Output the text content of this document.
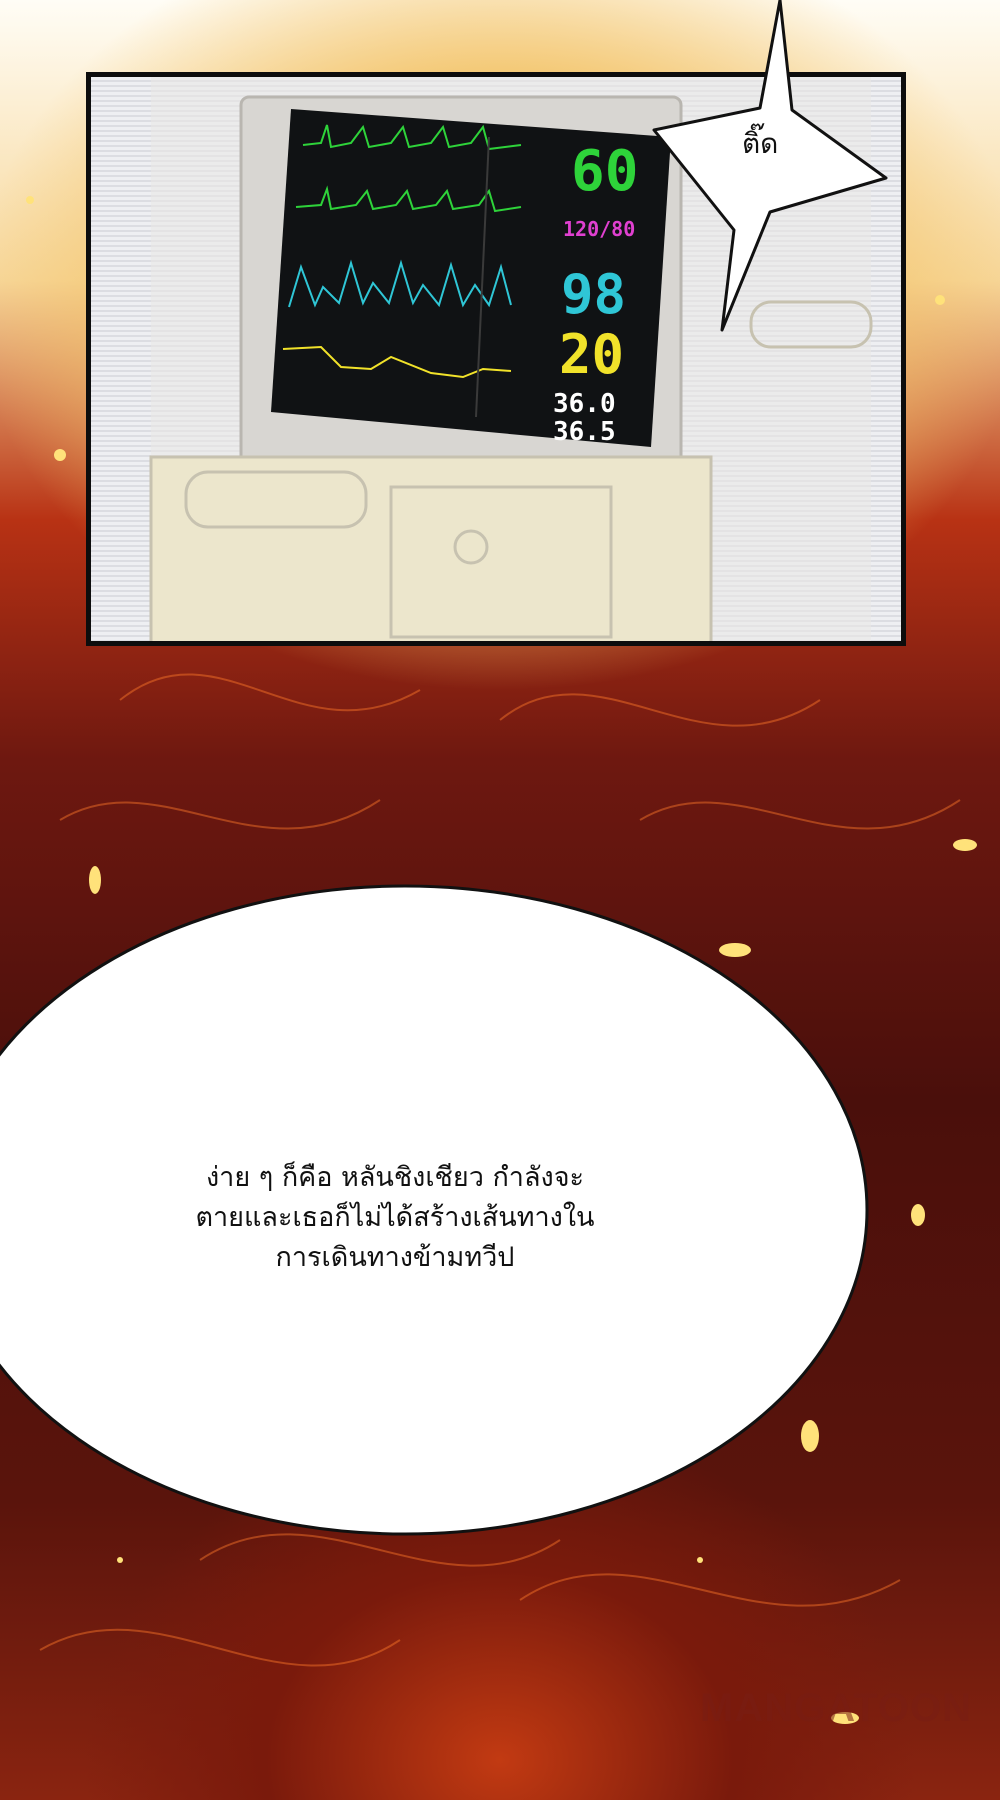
60
120/80
98
20
36.0
36.5
ติ๊ด
ง่าย ๆ ก็คือ หลันชิงเชียว กำลังจะ
ตายและเธอก็ไม่ได้สร้างเส้นทางใน
การเดินทางข้ามทวีป
MANGATOON
